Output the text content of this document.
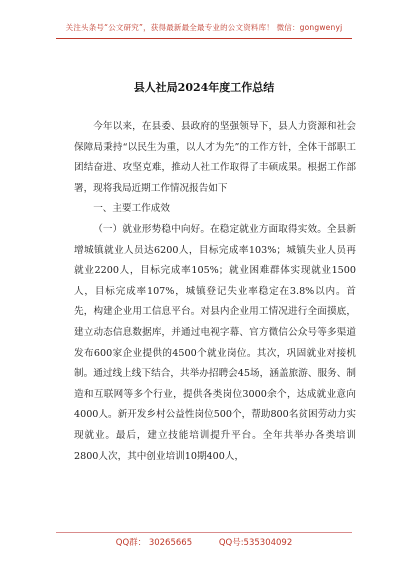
关注头条号“公文研究”，获得最新最全最专业的公文资料库！ 微信：gongwenyj
县人社局2024年度工作总结

今年以来，在县委、县政府的坚强领导下，县人力资源和社会保障局秉持“以民生为重，以人才为先”的工作方针，全体干部职工团结奋进、攻坚克难，推动人社工作取得了丰硕成果。根据工作部署，现将我局近期工作情况报告如下

一、主要工作成效

（一）就业形势稳中向好。在稳定就业方面取得实效。全县新增城镇就业人员达6200人，目标完成率103%；城镇失业人员再就业2200人，目标完成率105%；就业困难群体实现就业1500人，目标完成率107%，城镇登记失业率稳定在3.8%以内。首先，构建企业用工信息平台。对县内企业用工情况进行全面摸底，建立动态信息数据库，并通过电视字幕、官方微信公众号等多渠道发布600家企业提供的4500个就业岗位。其次，巩固就业对接机制。通过线上线下结合，共举办招聘会45场，涵盖旅游、服务、制造和互联网等多个行业，提供各类岗位3000余个，达成就业意向4000人。新开发乡村公益性岗位500个，帮助800名贫困劳动力实现就业。最后，建立技能培训提升平台。全年共举办各类培训2800人次，其中创业培训10期400人，

QQ群： 30265665	QQ号:535304092
